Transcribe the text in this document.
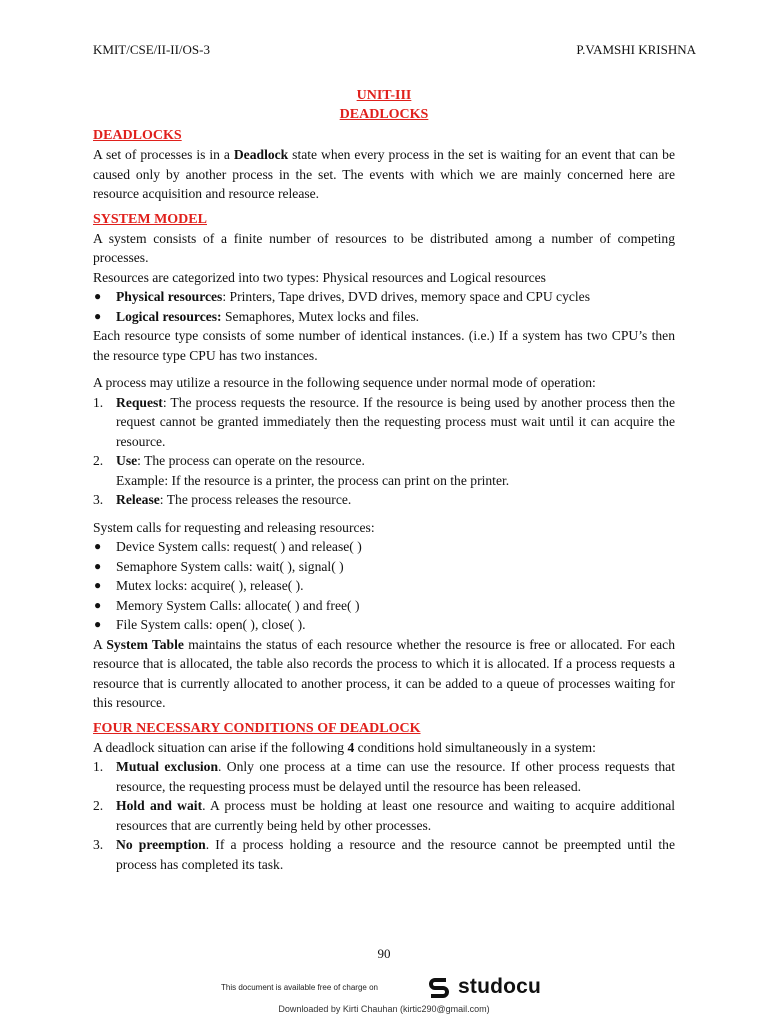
KMIT/CSE/II-II/OS-3	P.VAMSHI KRISHNA
UNIT-III
DEADLOCKS
DEADLOCKS

A set of processes is in a Deadlock state when every process in the set is waiting for an event that can be caused only by another process in the set. The events with which we are mainly concerned here are resource acquisition and resource release.

SYSTEM MODEL

A system consists of a finite number of resources to be distributed among a number of competing processes.

Resources are categorized into two types: Physical resources and Logical resources

● Physical resources: Printers, Tape drives, DVD drives, memory space and CPU cycles
● Logical resources: Semaphores, Mutex locks and files.

Each resource type consists of some number of identical instances. (i.e.) If a system has two CPU’s then the resource type CPU has two instances.

A process may utilize a resource in the following sequence under normal mode of operation:

1. Request: The process requests the resource. If the resource is being used by another process then the request cannot be granted immediately then the requesting process must wait until it can acquire the resource.
2. Use: The process can operate on the resource.
Example: If the resource is a printer, the process can print on the printer.
3. Release: The process releases the resource.

System calls for requesting and releasing resources:

● Device System calls: request( ) and release( )
● Semaphore System calls: wait( ), signal( )
● Mutex locks: acquire( ), release( ).
● Memory System Calls: allocate( ) and free( )
● File System calls: open( ), close( ).

A System Table maintains the status of each resource whether the resource is free or allocated. For each resource that is allocated, the table also records the process to which it is allocated. If a process requests a resource that is currently allocated to another process, it can be added to a queue of processes waiting for this resource.

FOUR NECESSARY CONDITIONS OF DEADLOCK

A deadlock situation can arise if the following 4 conditions hold simultaneously in a system:

1. Mutual exclusion. Only one process at a time can use the resource. If other process requests that resource, the requesting process must be delayed until the resource has been released.
2. Hold and wait. A process must be holding at least one resource and waiting to acquire additional resources that are currently being held by other processes.
3. No preemption. If a process holding a resource and the resource cannot be preempted until the process has completed its task.
90
This document is available free of charge on	studocu
Downloaded by Kirti Chauhan (kirtic290@gmail.com)
